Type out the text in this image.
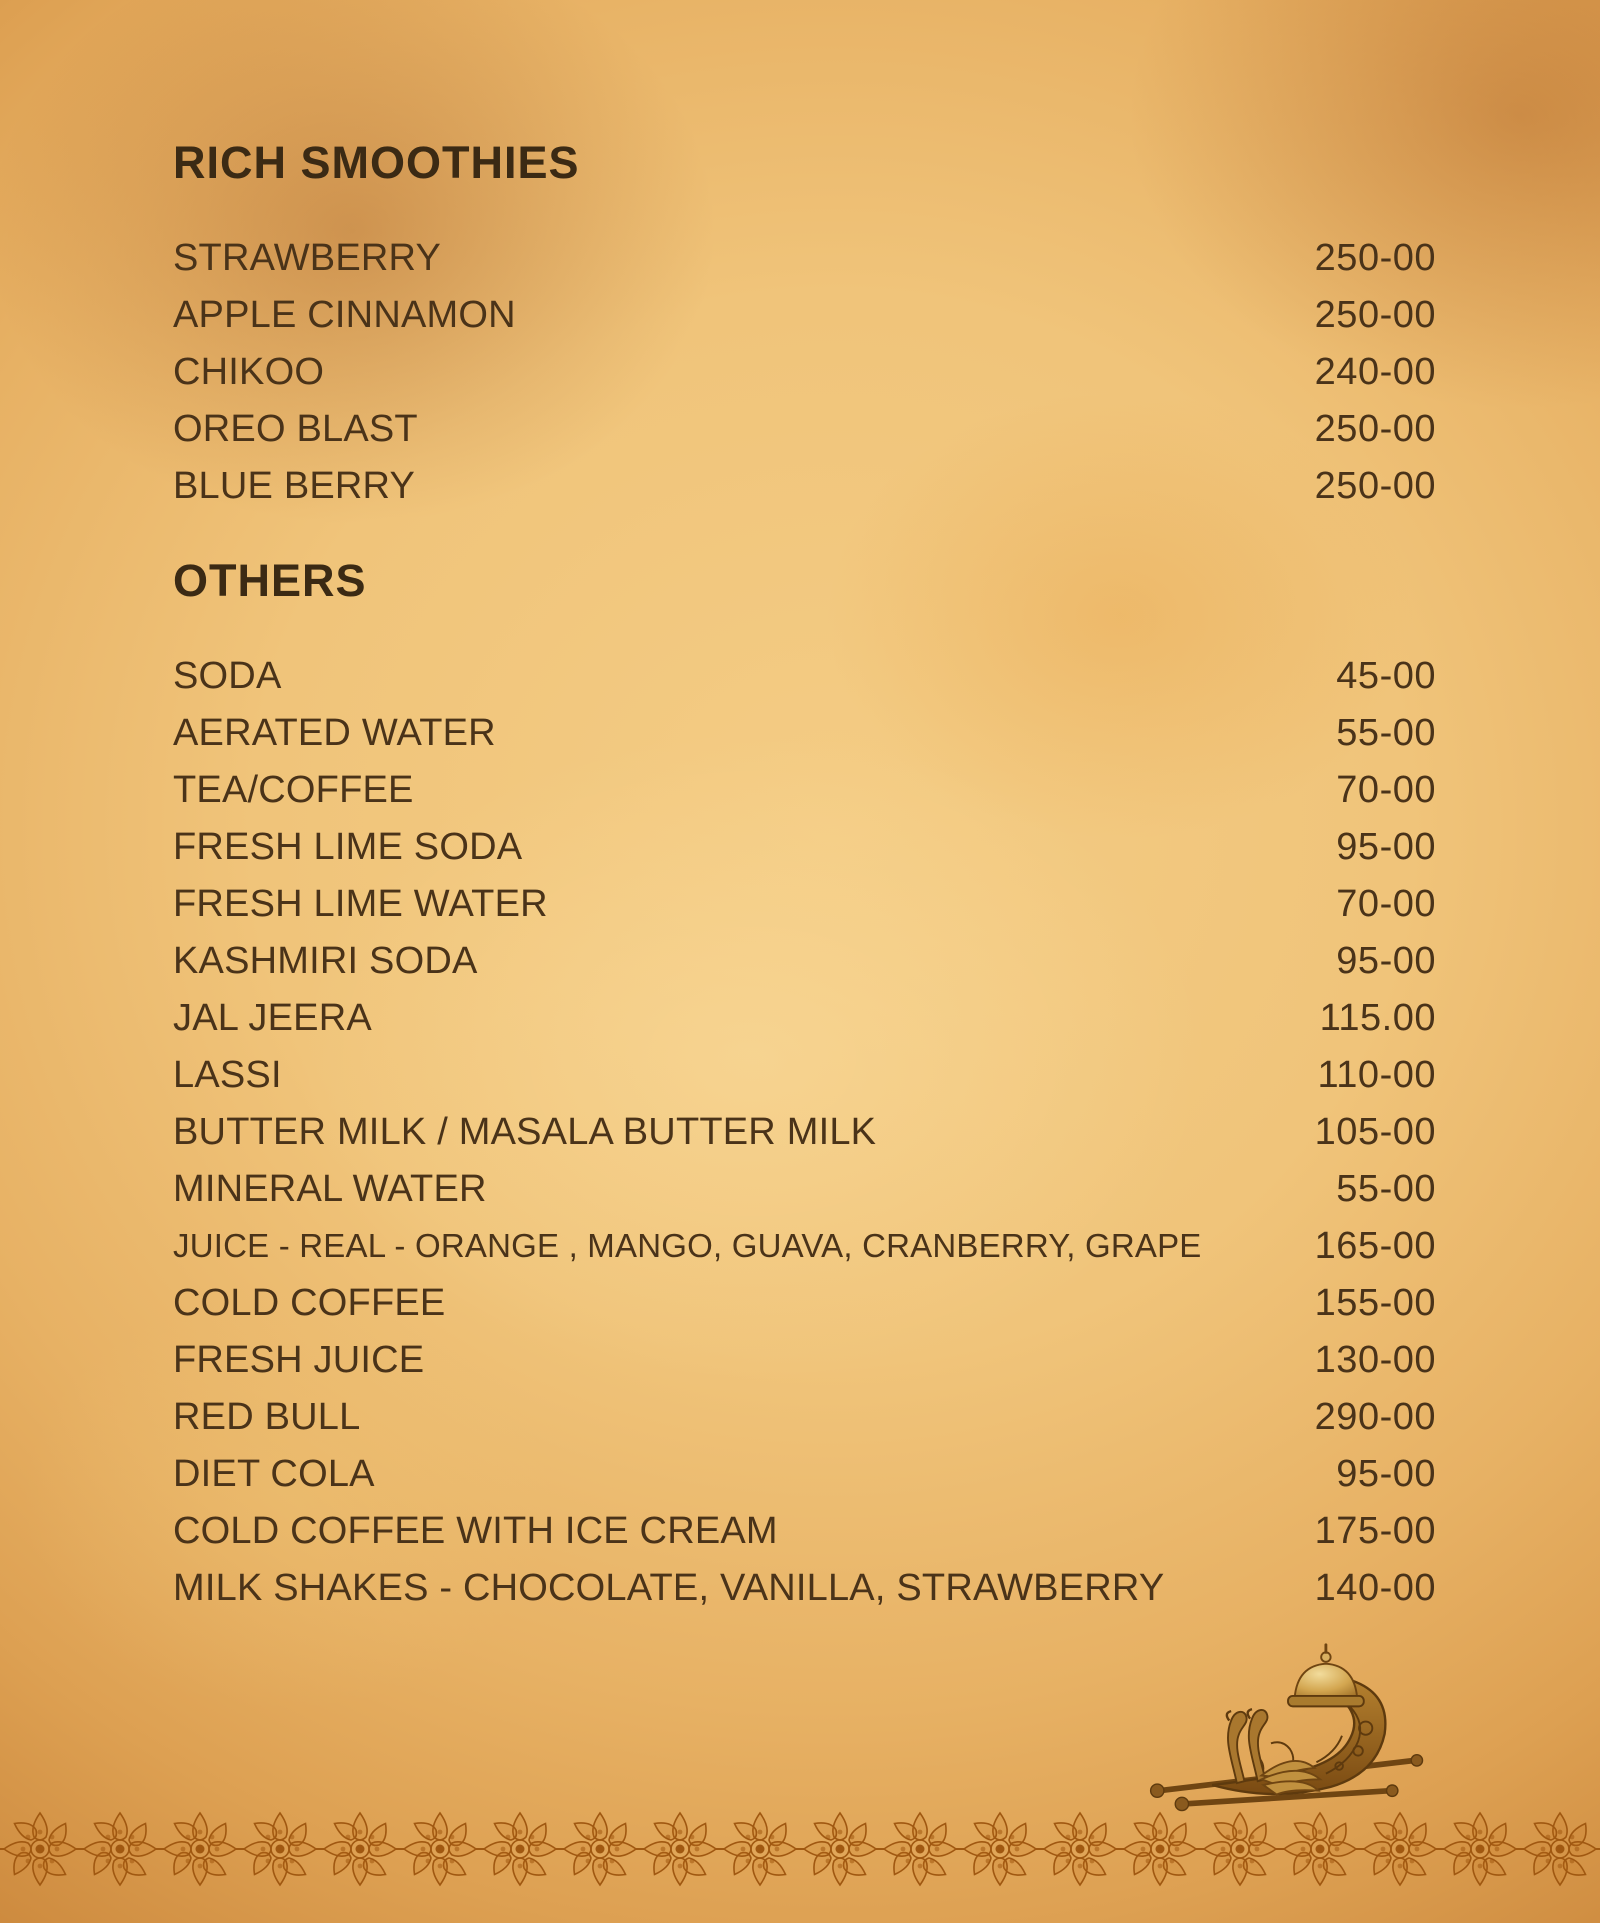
RICH SMOOTHIES
STRAWBERRY	250-00
APPLE CINNAMON	250-00
CHIKOO	240-00
OREO BLAST	250-00
BLUE BERRY	250-00
OTHERS
SODA	45-00
AERATED WATER	55-00
TEA/COFFEE	70-00
FRESH LIME SODA	95-00
FRESH LIME WATER	70-00
KASHMIRI SODA	95-00
JAL JEERA	115.00
LASSI	110-00
BUTTER MILK / MASALA BUTTER MILK	105-00
MINERAL WATER	55-00
JUICE - REAL - ORANGE , MANGO, GUAVA, CRANBERRY, GRAPE	165-00
COLD COFFEE	155-00
FRESH JUICE	130-00
RED BULL	290-00
DIET COLA	95-00
COLD COFFEE WITH ICE CREAM	175-00
MILK SHAKES - CHOCOLATE, VANILLA, STRAWBERRY	140-00
